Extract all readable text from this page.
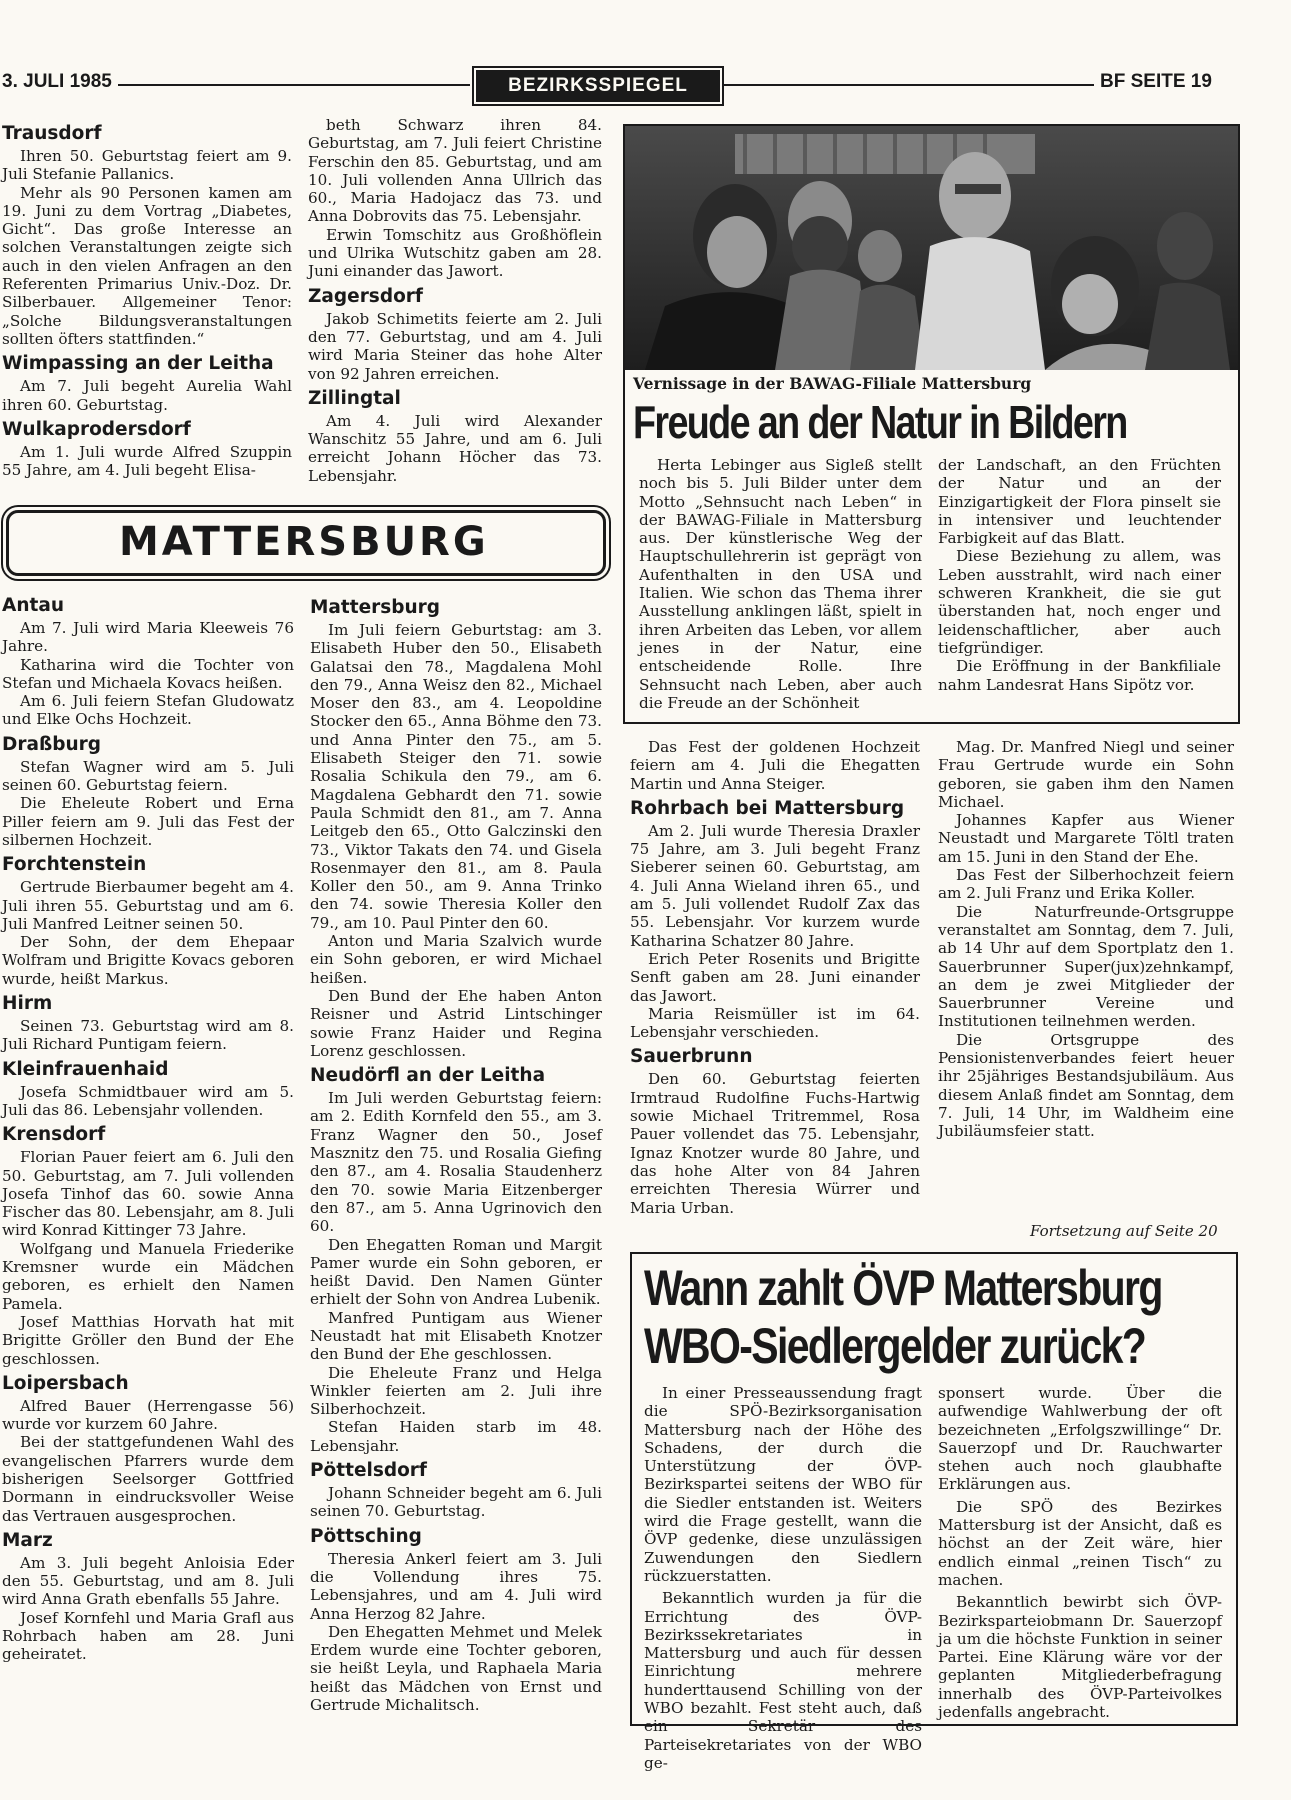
3. JULI 1985	BEZIRKSSPIEGEL	BF SEITE 19
Trausdorf

Ihren 50. Geburtstag feiert am 9. Juli Stefanie Pallanics.

Mehr als 90 Personen kamen am 19. Juni zu dem Vortrag „Diabetes, Gicht“. Das große Interesse an solchen Veranstaltungen zeigte sich auch in den vielen Anfragen an den Referenten Primarius Univ.-Doz. Dr. Silberbauer. Allgemeiner Tenor: „Solche Bildungsveranstaltungen sollten öfters stattfinden.“

Wimpassing an der Leitha

Am 7. Juli begeht Aurelia Wahl ihren 60. Geburtstag.

Wulkaprodersdorf

Am 1. Juli wurde Alfred Szuppin 55 Jahre, am 4. Juli begeht Elisa-

beth Schwarz ihren 84. Geburtstag, am 7. Juli feiert Christine Ferschin den 85. Geburtstag, und am 10. Juli vollenden Anna Ullrich das 60., Maria Hadojacz das 73. und Anna Dobrovits das 75. Lebensjahr.

Erwin Tomschitz aus Großhöflein und Ulrika Wutschitz gaben am 28. Juni einander das Jawort.

Zagersdorf

Jakob Schimetits feierte am 2. Juli den 77. Geburtstag, und am 4. Juli wird Maria Steiner das hohe Alter von 92 Jahren erreichen.

Zillingtal

Am 4. Juli wird Alexander Wanschitz 55 Jahre, und am 6. Juli erreicht Johann Höcher das 73. Lebensjahr.

Vernissage in der BAWAG-Filiale Mattersburg
Freude an der Natur in Bildern

Herta Lebinger aus Sigleß stellt noch bis 5. Juli Bilder unter dem Motto „Sehnsucht nach Leben“ in der BAWAG-Filiale in Mattersburg aus. Der künstlerische Weg der Hauptschullehrerin ist geprägt von Aufenthalten in den USA und Italien. Wie schon das Thema ihrer Ausstellung anklingen läßt, spielt in ihren Arbeiten das Leben, vor allem jenes in der Natur, eine entscheidende Rolle. Ihre Sehnsucht nach Leben, aber auch die Freude an der Schönheit

der Landschaft, an den Früchten der Natur und an der Einzigartigkeit der Flora pinselt sie in intensiver und leuchtender Farbigkeit auf das Blatt.

Diese Beziehung zu allem, was Leben ausstrahlt, wird nach einer schweren Krankheit, die sie gut überstanden hat, noch enger und leidenschaftlicher, aber auch tiefgründiger.

Die Eröffnung in der Bankfiliale nahm Landesrat Hans Sipötz vor.

MATTERSBURG
Antau

Am 7. Juli wird Maria Kleeweis 76 Jahre.

Katharina wird die Tochter von Stefan und Michaela Kovacs heißen.

Am 6. Juli feiern Stefan Gludowatz und Elke Ochs Hochzeit.

Draßburg

Stefan Wagner wird am 5. Juli seinen 60. Geburtstag feiern.

Die Eheleute Robert und Erna Piller feiern am 9. Juli das Fest der silbernen Hochzeit.

Forchtenstein

Gertrude Bierbaumer begeht am 4. Juli ihren 55. Geburtstag und am 6. Juli Manfred Leitner seinen 50.

Der Sohn, der dem Ehepaar Wolfram und Brigitte Kovacs geboren wurde, heißt Markus.

Hirm

Seinen 73. Geburtstag wird am 8. Juli Richard Puntigam feiern.

Kleinfrauenhaid

Josefa Schmidtbauer wird am 5. Juli das 86. Lebensjahr vollenden.

Krensdorf

Florian Pauer feiert am 6. Juli den 50. Geburtstag, am 7. Juli vollenden Josefa Tinhof das 60. sowie Anna Fischer das 80. Lebensjahr, am 8. Juli wird Konrad Kittinger 73 Jahre.

Wolfgang und Manuela Friederike Kremsner wurde ein Mädchen geboren, es erhielt den Namen Pamela.

Josef Matthias Horvath hat mit Brigitte Gröller den Bund der Ehe geschlossen.

Loipersbach

Alfred Bauer (Herrengasse 56) wurde vor kurzem 60 Jahre.

Bei der stattgefundenen Wahl des evangelischen Pfarrers wurde dem bisherigen Seelsorger Gottfried Dormann in eindrucksvoller Weise das Vertrauen ausgesprochen.

Marz

Am 3. Juli begeht Anloisia Eder den 55. Geburtstag, und am 8. Juli wird Anna Grath ebenfalls 55 Jahre.

Josef Kornfehl und Maria Grafl aus Rohrbach haben am 28. Juni geheiratet.

Mattersburg

Im Juli feiern Geburtstag: am 3. Elisabeth Huber den 50., Elisabeth Galatsai den 78., Magdalena Mohl den 79., Anna Weisz den 82., Michael Moser den 83., am 4. Leopoldine Stocker den 65., Anna Böhme den 73. und Anna Pinter den 75., am 5. Elisabeth Steiger den 71. sowie Rosalia Schikula den 79., am 6. Magdalena Gebhardt den 71. sowie Paula Schmidt den 81., am 7. Anna Leitgeb den 65., Otto Galczinski den 73., Viktor Takats den 74. und Gisela Rosenmayer den 81., am 8. Paula Koller den 50., am 9. Anna Trinko den 74. sowie Theresia Koller den 79., am 10. Paul Pinter den 60.

Anton und Maria Szalvich wurde ein Sohn geboren, er wird Michael heißen.

Den Bund der Ehe haben Anton Reisner und Astrid Lintschinger sowie Franz Haider und Regina Lorenz geschlossen.

Neudörfl an der Leitha

Im Juli werden Geburtstag feiern: am 2. Edith Kornfeld den 55., am 3. Franz Wagner den 50., Josef Masznitz den 75. und Rosalia Giefing den 87., am 4. Rosalia Staudenherz den 70. sowie Maria Eitzenberger den 87., am 5. Anna Ugrinovich den 60.

Den Ehegatten Roman und Margit Pamer wurde ein Sohn geboren, er heißt David. Den Namen Günter erhielt der Sohn von Andrea Lubenik.

Manfred Puntigam aus Wiener Neustadt hat mit Elisabeth Knotzer den Bund der Ehe geschlossen.

Die Eheleute Franz und Helga Winkler feierten am 2. Juli ihre Silberhochzeit.

Stefan Haiden starb im 48. Lebensjahr.

Pöttelsdorf

Johann Schneider begeht am 6. Juli seinen 70. Geburtstag.

Pöttsching

Theresia Ankerl feiert am 3. Juli die Vollendung ihres 75. Lebensjahres, und am 4. Juli wird Anna Herzog 82 Jahre.

Den Ehegatten Mehmet und Melek Erdem wurde eine Tochter geboren, sie heißt Leyla, und Raphaela Maria heißt das Mädchen von Ernst und Gertrude Michalitsch.

Das Fest der goldenen Hochzeit feiern am 4. Juli die Ehegatten Martin und Anna Steiger.

Rohrbach bei Mattersburg

Am 2. Juli wurde Theresia Draxler 75 Jahre, am 3. Juli begeht Franz Sieberer seinen 60. Geburtstag, am 4. Juli Anna Wieland ihren 65., und am 5. Juli vollendet Rudolf Zax das 55. Lebensjahr. Vor kurzem wurde Katharina Schatzer 80 Jahre.

Erich Peter Rosenits und Brigitte Senft gaben am 28. Juni einander das Jawort.

Maria Reismüller ist im 64. Lebensjahr verschieden.

Sauerbrunn

Den 60. Geburtstag feierten Irmtraud Rudolfine Fuchs-Hartwig sowie Michael Tritremmel, Rosa Pauer vollendet das 75. Lebensjahr, Ignaz Knotzer wurde 80 Jahre, und das hohe Alter von 84 Jahren erreichten Theresia Würrer und Maria Urban.

Mag. Dr. Manfred Niegl und seiner Frau Gertrude wurde ein Sohn geboren, sie gaben ihm den Namen Michael.

Johannes Kapfer aus Wiener Neustadt und Margarete Töltl traten am 15. Juni in den Stand der Ehe.

Das Fest der Silberhochzeit feiern am 2. Juli Franz und Erika Koller.

Die Naturfreunde-Ortsgruppe veranstaltet am Sonntag, dem 7. Juli, ab 14 Uhr auf dem Sportplatz den 1. Sauerbrunner Super(jux)zehnkampf, an dem je zwei Mitglieder der Sauerbrunner Vereine und Institutionen teilnehmen werden.

Die Ortsgruppe des Pensionistenverbandes feiert heuer ihr 25jähriges Bestandsjubiläum. Aus diesem Anlaß findet am Sonntag, dem 7. Juli, 14 Uhr, im Waldheim eine Jubiläumsfeier statt.

Fortsetzung auf Seite 20
Wann zahlt ÖVP Mattersburg
WBO-Siedlergelder zurück?

In einer Presseaussendung fragt die SPÖ-Bezirksorganisation Mattersburg nach der Höhe des Schadens, der durch die Unterstützung der ÖVP-Bezirkspartei seitens der WBO für die Siedler entstanden ist. Weiters wird die Frage gestellt, wann die ÖVP gedenke, diese unzulässigen Zuwendungen den Siedlern rückzuerstatten.

Bekanntlich wurden ja für die Errichtung des ÖVP-Bezirkssekretariates in Mattersburg und auch für dessen Einrichtung mehrere hunderttausend Schilling von der WBO bezahlt. Fest steht auch, daß ein Sekretär des Parteisekretariates von der WBO ge-

sponsert wurde. Über die aufwendige Wahlwerbung der oft bezeichneten „Erfolgszwillinge“ Dr. Sauerzopf und Dr. Rauchwarter stehen auch noch glaubhafte Erklärungen aus.

Die SPÖ des Bezirkes Mattersburg ist der Ansicht, daß es höchst an der Zeit wäre, hier endlich einmal „reinen Tisch“ zu machen.

Bekanntlich bewirbt sich ÖVP-Bezirksparteiobmann Dr. Sauerzopf ja um die höchste Funktion in seiner Partei. Eine Klärung wäre vor der geplanten Mitgliederbefragung innerhalb des ÖVP-Parteivolkes jedenfalls angebracht.
